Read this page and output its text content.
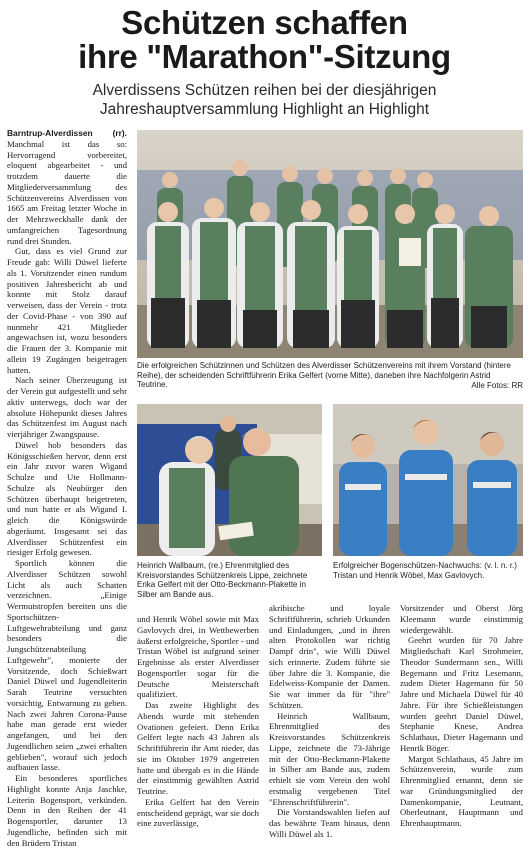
Schützen schaffen
ihre "Marathon"-Sitzung
Alverdissens Schützen reihen bei der diesjährigen
Jahreshauptversammlung Highlight an Highlight

Barntrup-Alverdissen (rr). Manchmal ist das so: Hervorragend vorbereitet, eloquent abgearbeitet - und trotzdem dauerte die Mitgliederversammlung des Schützenvereins Alverdissen von 1665 am Freitag letzter Woche in der Mehrzweckhalle dank der umfangreichen Tagesordnung rund drei Stunden.

Gut, dass es viel Grund zur Freude gab: Willi Düwel lieferte als 1. Vorsitzender einen rundum positiven Jahresbericht ab und konnte mit Stolz darauf verweisen, dass der Verein - trotz der Covid-Phase - von 390 auf nunmehr 421 Mitglieder angewachsen ist, wozu besonders die Frauen der 3. Kompanie mit allein 19 Zugängen beigetragen hatten.

Nach seiner Überzeugung ist der Verein gut aufgestellt und sehr aktiv unterwegs, doch war der absolute Höhepunkt dieses Jahres das Schützenfest im August nach vierjähriger Zwangspause.

Düwel hob besonders das Königsschießen hervor, denn erst ein Jahr zuvor waren Wigand Schulze und Ute Hollmann-Schulze als Neubürger den Schützen überhaupt beigetreten, und nun hatte er als Wigand I. gleich die Königswürde abgeräumt. Insgesamt sei das Alverdisser Schützenfest ein riesiger Erfolg gewesen.

Sportlich können die Alverdisser Schützen sowohl Licht als auch Schatten verzeichnen. „Einige Wermutstropfen bereiten uns die Sportschützen-Luftgewehrabteilung und ganz besonders die Jungschützenabteilung Luftgewehr", monierte der Vorsitzende, doch Schießwart Daniel Düwel und Jugendleiterin Sarah Teutrine versuchten vorsichtig, Entwarnung zu geben. Nach zwei Jahren Corona-Pause habe man gerade erst wieder angefangen, und bei den Jugendlichen seien „zwei erhalten geblieben", worauf sich jedoch aufbauen lasse.

Ein besonderes sportliches Highlight konnte Anja Jaschke, Leiterin Bogensport, verkünden. Denn in den Reihen der 41 Bogensportler, darunter 13 Jugendliche, befinden sich mit den Brüdern Tristan

Die erfolgreichen Schützinnen und Schützen des Alverdisser Schützenvereins mit ihrem Vorstand (hintere Reihe), der scheidenden Schriftführerin Erika Gelfert (vorne Mitte), daneben ihre Nachfolgerin Astrid Teutrine.	Alle Fotos: RR
Heinrich Wallbaum, (re.) Ehrenmitglied des Kreisvorstandes Schützenkreis Lippe, zeichnete Erika Gelfert mit der Otto-Beckmann-Plakette in Silber am Bande aus.
Erfolgreicher Bogenschützen-Nachwuchs: (v. l. n. r.) Tristan und Henrik Wöbel, Max Gavlovych.

und Henrik Wöbel sowie mit Max Gavlovych drei, in Wettbewerben äußerst erfolgreiche, Sportler - und Tristan Wöbel ist aufgrund seiner Ergebnisse als erster Alverdisser Bogensportler sogar für die Deutsche Meisterschaft qualifiziert.

Das zweite Highlight des Abends wurde mit stehenden Ovationen gefeiert. Denn Erika Gelfert legte nach 43 Jahren als Schriftführerin ihr Amt nieder, das sie im Oktober 1979 angetreten hatte und übergab es in die Hände der einstimmig gewählten Astrid Teutrine.

Erika Gelfert hat den Verein entscheidend geprägt, war sie doch eine zuverlässige,

akribische und loyale Schriftführerin, schrieb Urkunden und Einladungen, „und in ihren alten Protokollen war richtig Dampf drin", wie Willi Düwel sich erinnerte. Zudem führte sie über Jahre die 3. Kompanie, die Edelweiss-Kompanie der Damen. Sie war immer da für "ihre" Schützen.

Heinrich Wallbaum, Ehrenmitglied des Kreisvorstandes Schützenkreis Lippe, zeichnete die 73-Jährige mit der Otto-Beckmann-Plakette in Silber am Bande aus, zudem erhielt sie vom Verein den wohl erstmalig vergebenen Titel "Ehrenschriftführerin".

Die Vorstandswahlen liefen auf das bewährte Team hinaus, denn Willi Düwel als 1.

Vorsitzender und Oberst Jörg Kleemann wurde einstimmig wiedergewählt.

Geehrt wurden für 70 Jahre Mitgliedschaft Karl Strohmeier, Theodor Sundermann sen., Willi Begemann und Fritz Lesemann, zudem Dieter Hagemann für 50 Jahre und Michaela Düwel für 40 Jahre. Für ihre Schießleistungen wurden geehrt Daniel Düwel, Stephanie Knese, Andrea Schlathaus, Dieter Hagemann und Henrik Böger.

Margot Schlathaus, 45 Jahre im Schützenverein, wurde zum Ehrenmitglied ernannt, denn sie war Gründungsmitglied der Damenkompanie, Leutnant, Oberleutnant, Hauptmann und Ehrenhauptmann.
